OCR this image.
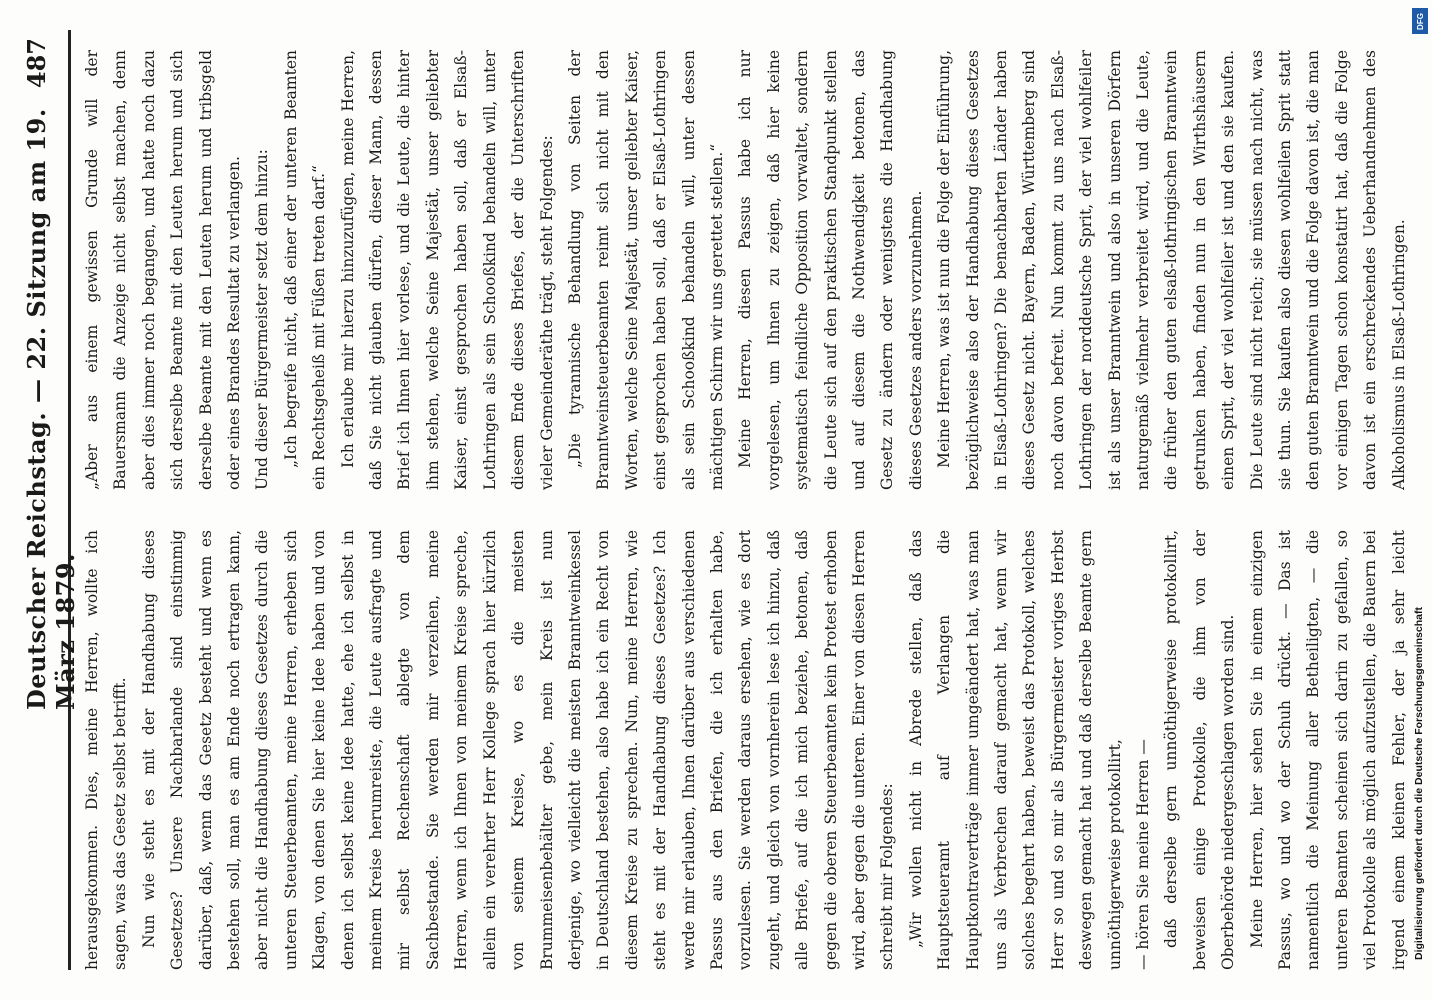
Deutscher Reichstag. — 22. Sitzung am 19. März 1879.
487

herausgekommen. Dies, meine Herren, wollte ich sagen, was das Gesetz selbst betrifft. Nun wie steht es mit der Handhabung dieses Gesetzes? Unsere Nachbarlande sind einstimmig darüber, daß, wenn das Gesetz besteht und wenn es bestehen soll, man es am Ende noch ertragen kann, aber nicht die Handhabung dieses Gesetzes durch die unteren Steuerbeamten, meine Herren, erheben sich Klagen, von denen Sie hier keine Idee haben und von denen ich selbst keine Idee hatte, ehe ich selbst in meinem Kreise herumreiste, die Leute ausfragte und mir selbst Rechenschaft ablegte von dem Sachbestande. Sie werden mir verzeihen, meine Herren, wenn ich Ihnen von meinem Kreise spreche, allein ein verehrter Herr Kollege sprach hier kürzlich von seinem Kreise, wo es die meisten Brummeisenbehälter gebe, mein Kreis ist nun derjenige, wo vielleicht die meisten Branntweinkessel in Deutschland bestehen, also habe ich ein Recht von diesem Kreise zu sprechen. Nun, meine Herren, wie steht es mit der Handhabung dieses Gesetzes? Ich werde mir erlauben, Ihnen darüber aus verschiedenen Passus aus den Briefen, die ich erhalten habe, vorzulesen. Sie werden daraus ersehen, wie es dort zugeht, und gleich von vornherein lese ich hinzu, daß alle Briefe, auf die ich mich beziehe, betonen, daß gegen die oberen Steuerbeamten kein Protest erhoben wird, aber gegen die unteren. Einer von diesen Herren schreibt mir Folgendes: „Wir wollen nicht in Abrede stellen, daß das Hauptsteueramt auf Verlangen die Hauptkontraverträge immer umgeändert hat, was man uns als Verbrechen darauf gemacht hat, wenn wir solches begehrt haben, beweist das Protokoll, welches Herr so und so mir als Bürgermeister voriges Herbst deswegen gemacht hat und daß derselbe Beamte gern unnöthigerweise protokollirt, — hören Sie meine Herren — daß derselbe gern unnöthigerweise protokollirt, beweisen einige Protokolle, die ihm von der Oberbehörde niedergeschlagen worden sind. Meine Herren, hier sehen Sie in einem einzigen Passus, wo und wo der Schuh drückt. — Das ist namentlich die Meinung aller Betheiligten, — die unteren Beamten scheinen sich darin zu gefallen, so viel Protokolle als möglich aufzustellen, die Bauern bei irgend einem kleinen Fehler, der ja sehr leicht

„Aber aus einem gewissen Grunde will der Bauersmann die Anzeige nicht selbst machen, denn aber dies immer noch begangen, und hatte noch dazu sich derselbe Beamte mit den Leuten herum und sich derselbe Beamte mit den Leuten herum und tribsgeld oder eines Brandes Resultat zu verlangen. Und dieser Bürgermeister setzt dem hinzu: „Ich begreife nicht, daß einer der unteren Beamten ein Rechtsgeheiß mit Füßen treten darf.“ Ich erlaube mir hierzu hinzuzufügen, meine Herren, daß Sie nicht glauben dürfen, dieser Mann, dessen Brief ich Ihnen hier vorlese, und die Leute, die hinter ihm stehen, welche Seine Majestät, unser geliebter Kaiser, einst gesprochen haben soll, daß er Elsaß-Lothringen als sein Schooßkind behandeln will, unter diesem Ende dieses Briefes, der die Unterschriften vieler Gemeinderäthe trägt, steht Folgendes: „Die tyrannische Behandlung von Seiten der Branntweinsteuerbeamten reimt sich nicht mit den Worten, welche Seine Majestät, unser geliebter Kaiser, einst gesprochen haben soll, daß er Elsaß-Lothringen als sein Schooßkind behandeln will, unter dessen mächtigen Schirm wir uns gerettet stellen.“ Meine Herren, diesen Passus habe ich nur vorgelesen, um Ihnen zu zeigen, daß hier keine systematisch feindliche Opposition vorwaltet, sondern die Leute sich auf den praktischen Standpunkt stellen und auf diesem die Nothwendigkeit betonen, das Gesetz zu ändern oder wenigstens die Handhabung dieses Gesetzes anders vorzunehmen. Meine Herren, was ist nun die Folge der Einführung, bezüglichweise also der Handhabung dieses Gesetzes in Elsaß-Lothringen? Die benachbarten Länder haben dieses Gesetz nicht. Bayern, Baden, Württemberg sind noch davon befreit. Nun kommt zu uns nach Elsaß-Lothringen der norddeutsche Sprit, der viel wohlfeiler ist als unser Branntwein und also in unseren Dörfern naturgemäß vielmehr verbreitet wird, und die Leute, die früher den guten elsaß-lothringischen Branntwein getrunken haben, finden nun in den Wirthshäusern einen Sprit, der viel wohlfeiler ist und den sie kaufen. Die Leute sind nicht reich; sie müssen nach nicht, was sie thun. Sie kaufen also diesen wohlfeilen Sprit statt den guten Branntwein und die Folge davon ist, die man vor einigen Tagen schon konstatirt hat, daß die Folge davon ist ein erschreckendes Ueberhandnehmen des Alkoholismus in Elsaß-Lothringen.

DFG
Digitalisierung gefördert durch die Deutsche Forschungsgemeinschaft
